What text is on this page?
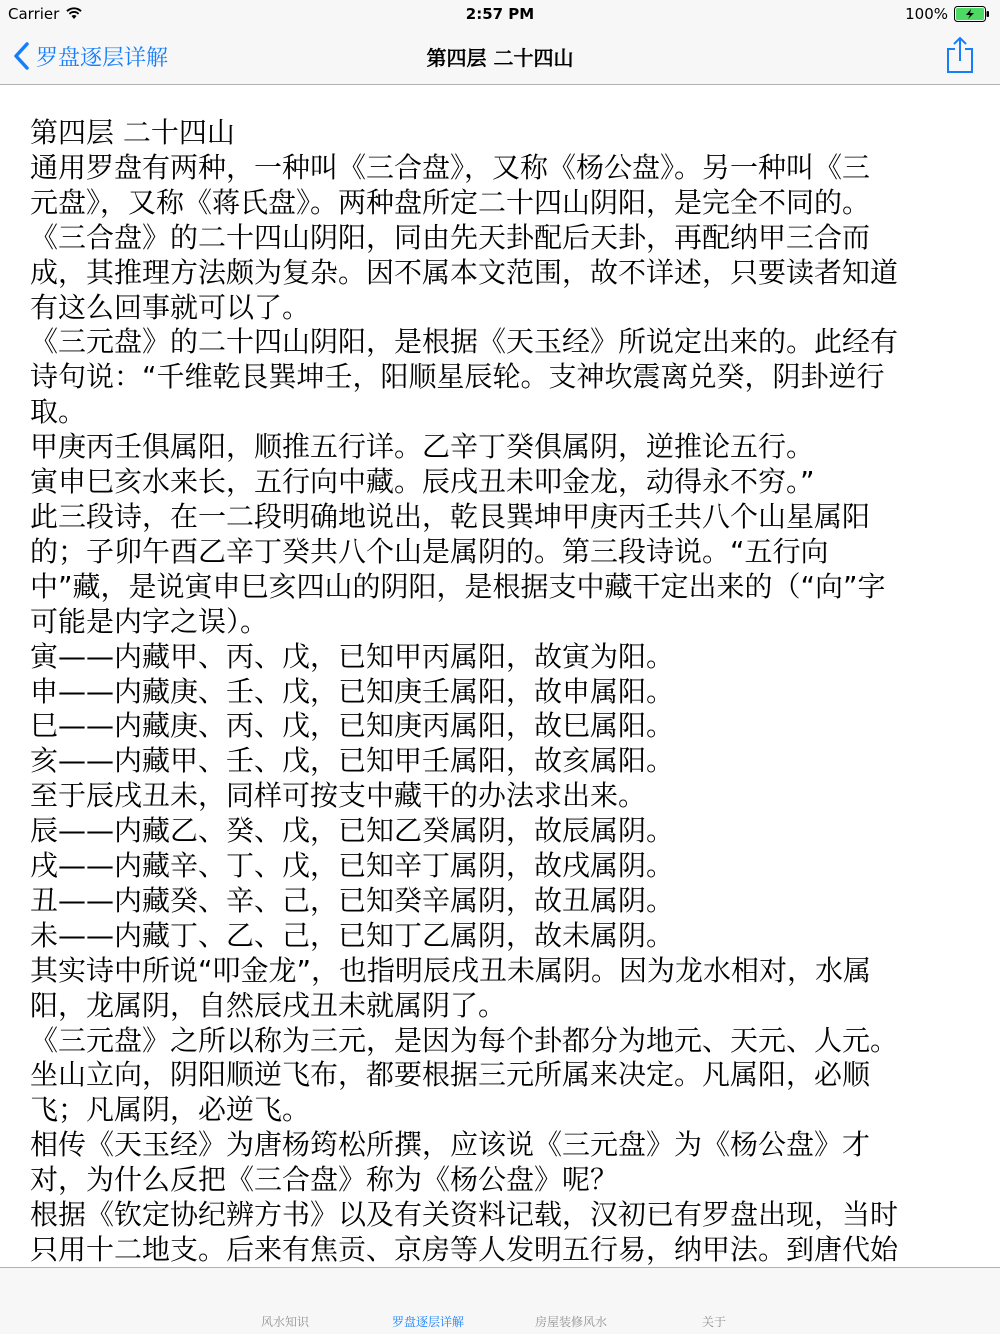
Carrier	2:57 PM	100%
罗盘逐层详解	第四层 二十四山
第四层 二十四山

通用罗盘有两种，一种叫《三合盘》，又称《杨公盘》。另一种叫《三

元盘》，又称《蒋氏盘》。两种盘所定二十四山阴阳，是完全不同的。

《三合盘》的二十四山阴阳，同由先天卦配后天卦，再配纳甲三合而

成，其推理方法颇为复杂。因不属本文范围，故不详述，只要读者知道

有这么回事就可以了。

《三元盘》的二十四山阴阳，是根据《天玉经》所说定出来的。此经有

诗句说：“千维乾艮巽坤壬，阳顺星辰轮。支神坎震离兑癸，阴卦逆行

取。

甲庚丙壬俱属阳，顺推五行详。乙辛丁癸俱属阴，逆推论五行。

寅申巳亥水来长，五行向中藏。辰戌丑未叩金龙，动得永不穷。”

此三段诗，在一二段明确地说出，乾艮巽坤甲庚丙壬共八个山星属阳

的；子卯午酉乙辛丁癸共八个山是属阴的。第三段诗说。“五行向

中”藏，是说寅申巳亥四山的阴阳，是根据支中藏干定出来的（“向”字

可能是内字之误）。

寅——内藏甲、丙、戊，已知甲丙属阳，故寅为阳。

申——内藏庚、壬、戊，已知庚壬属阳，故申属阳。

巳——内藏庚、丙、戊，已知庚丙属阳，故巳属阳。

亥——内藏甲、壬、戊，已知甲壬属阳，故亥属阳。

至于辰戌丑未，同样可按支中藏干的办法求出来。

辰——内藏乙、癸、戊，已知乙癸属阴，故辰属阴。

戌——内藏辛、丁、戊，已知辛丁属阴，故戌属阴。

丑——内藏癸、辛、己，已知癸辛属阴，故丑属阴。

未——内藏丁、乙、己，已知丁乙属阴，故未属阴。

其实诗中所说“叩金龙”，也指明辰戌丑未属阴。因为龙水相对，水属

阳，龙属阴，自然辰戌丑未就属阴了。

《三元盘》之所以称为三元，是因为每个卦都分为地元、天元、人元。

坐山立向，阴阳顺逆飞布，都要根据三元所属来决定。凡属阳，必顺

飞；凡属阴，必逆飞。

相传《天玉经》为唐杨筠松所撰，应该说《三元盘》为《杨公盘》才

对，为什么反把《三合盘》称为《杨公盘》呢？

根据《钦定协纪辨方书》以及有关资料记载，汉初已有罗盘出现，当时

只用十二地支。后来有焦贡、京房等人发明五行易，纳甲法。到唐代始

风水知识	罗盘逐层详解	房屋装修风水	关于
